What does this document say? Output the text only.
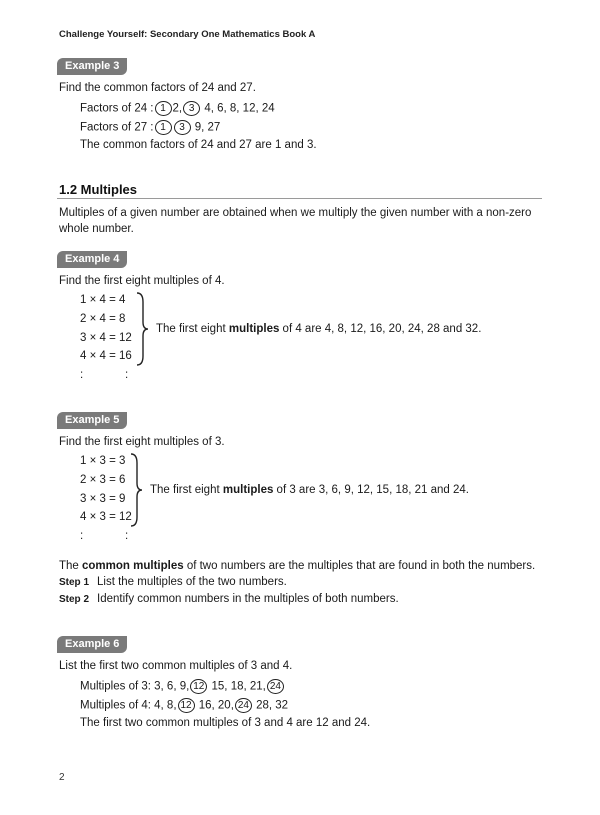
Challenge Yourself: Secondary One Mathematics Book A
Example 3
Find the common factors of 24 and 27.
Factors of 24 : 1 2, 3 4, 6, 8, 12, 24
Factors of 27 : 1 3 9, 27
The common factors of 24 and 27 are 1 and 3.
1.2 Multiples
Multiples of a given number are obtained when we multiply the given number with a non-zero
whole number.
Example 4
Find the first eight multiples of 4.
1 × 4 = 4
2 × 4 = 8
3 × 4 = 12
4 × 4 = 16
:	:
The first eight multiples of 4 are 4, 8, 12, 16, 20, 24, 28 and 32.
Example 5
Find the first eight multiples of 3.
1 × 3 = 3
2 × 3 = 6
3 × 3 = 9
4 × 3 = 12
:	:
The first eight multiples of 3 are 3, 6, 9, 12, 15, 18, 21 and 24.
The common multiples of two numbers are the multiples that are found in both the numbers.
Step 1 List the multiples of the two numbers.
Step 2 Identify common numbers in the multiples of both numbers.
Example 6
List the first two common multiples of 3 and 4.
Multiples of 3: 3, 6, 9, 12 15, 18, 21, 24
Multiples of 4: 4, 8, 12 16, 20, 24 28, 32
The first two common multiples of 3 and 4 are 12 and 24.
2
